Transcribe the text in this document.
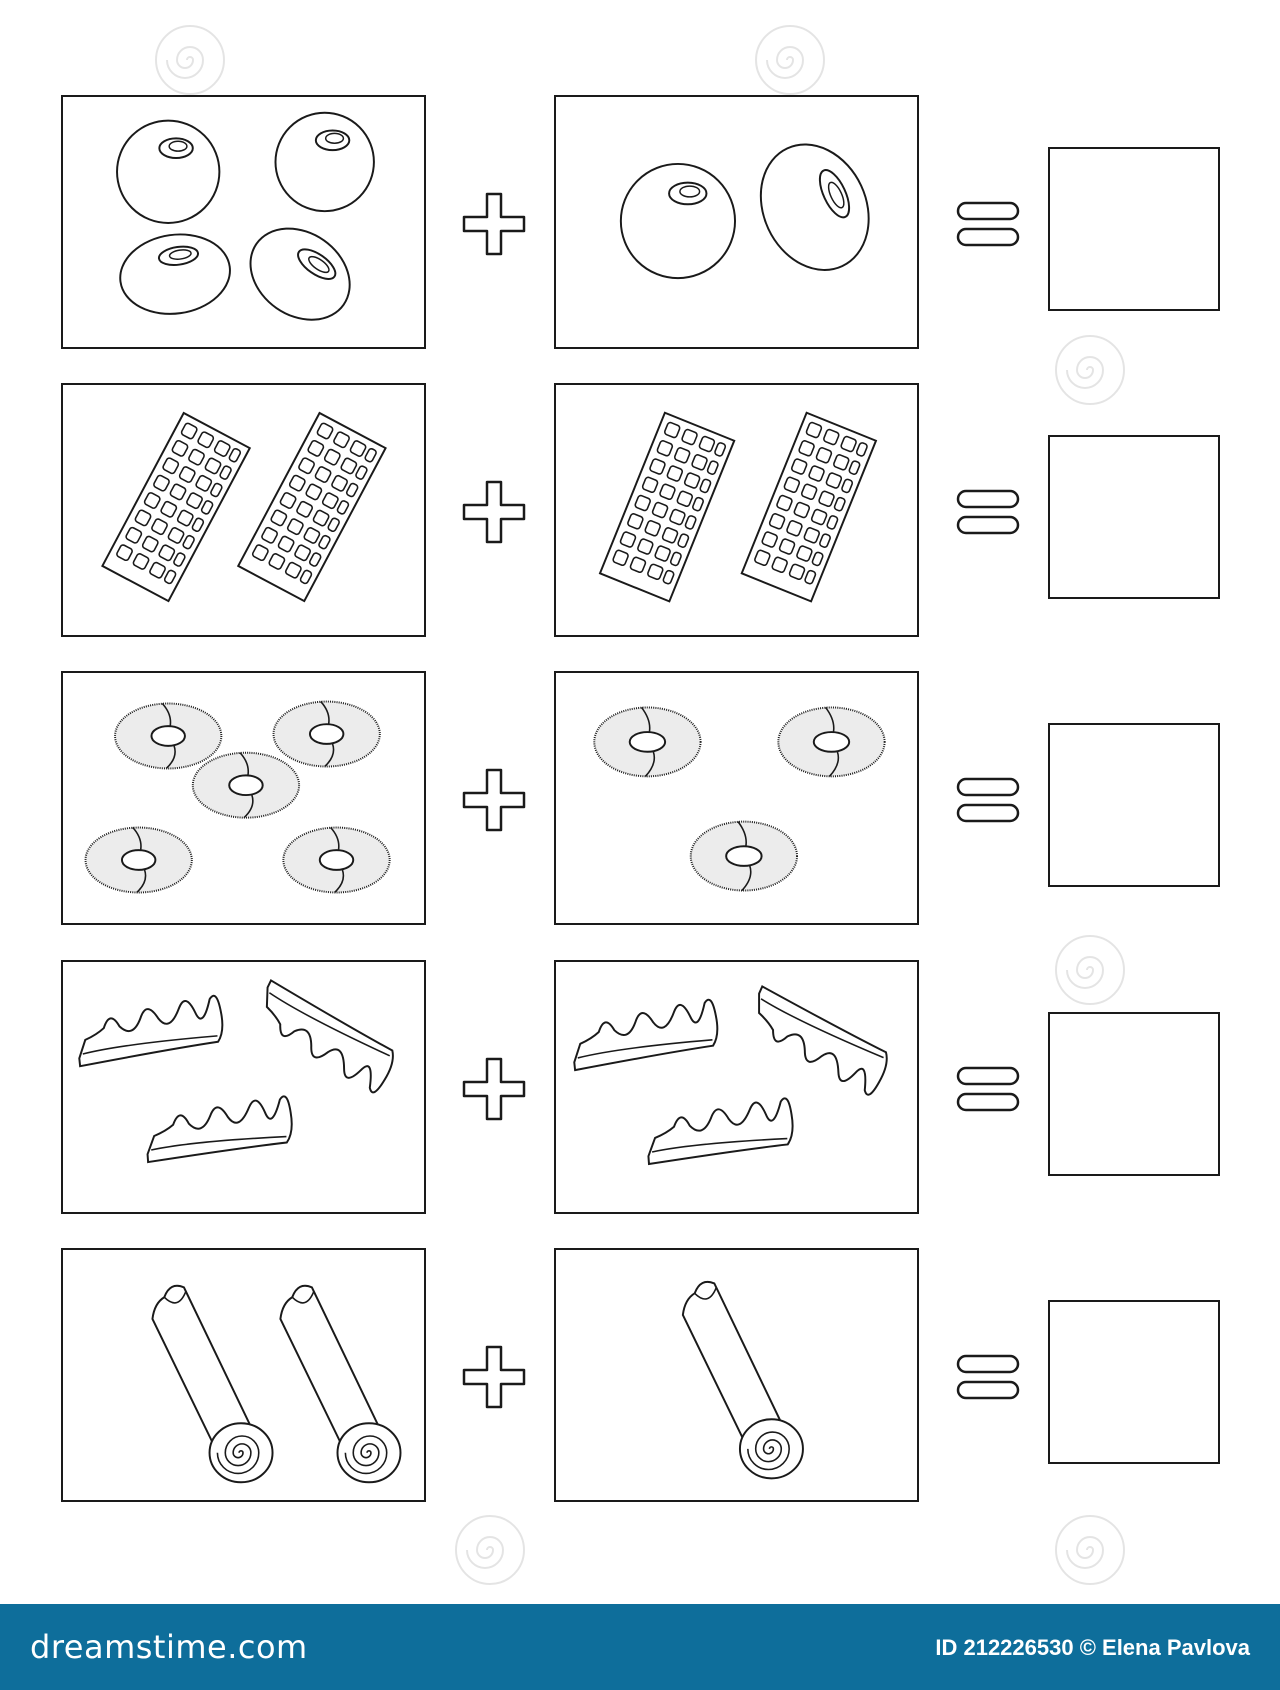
dreamstime.com	ID 212226530 © Elena Pavlova
